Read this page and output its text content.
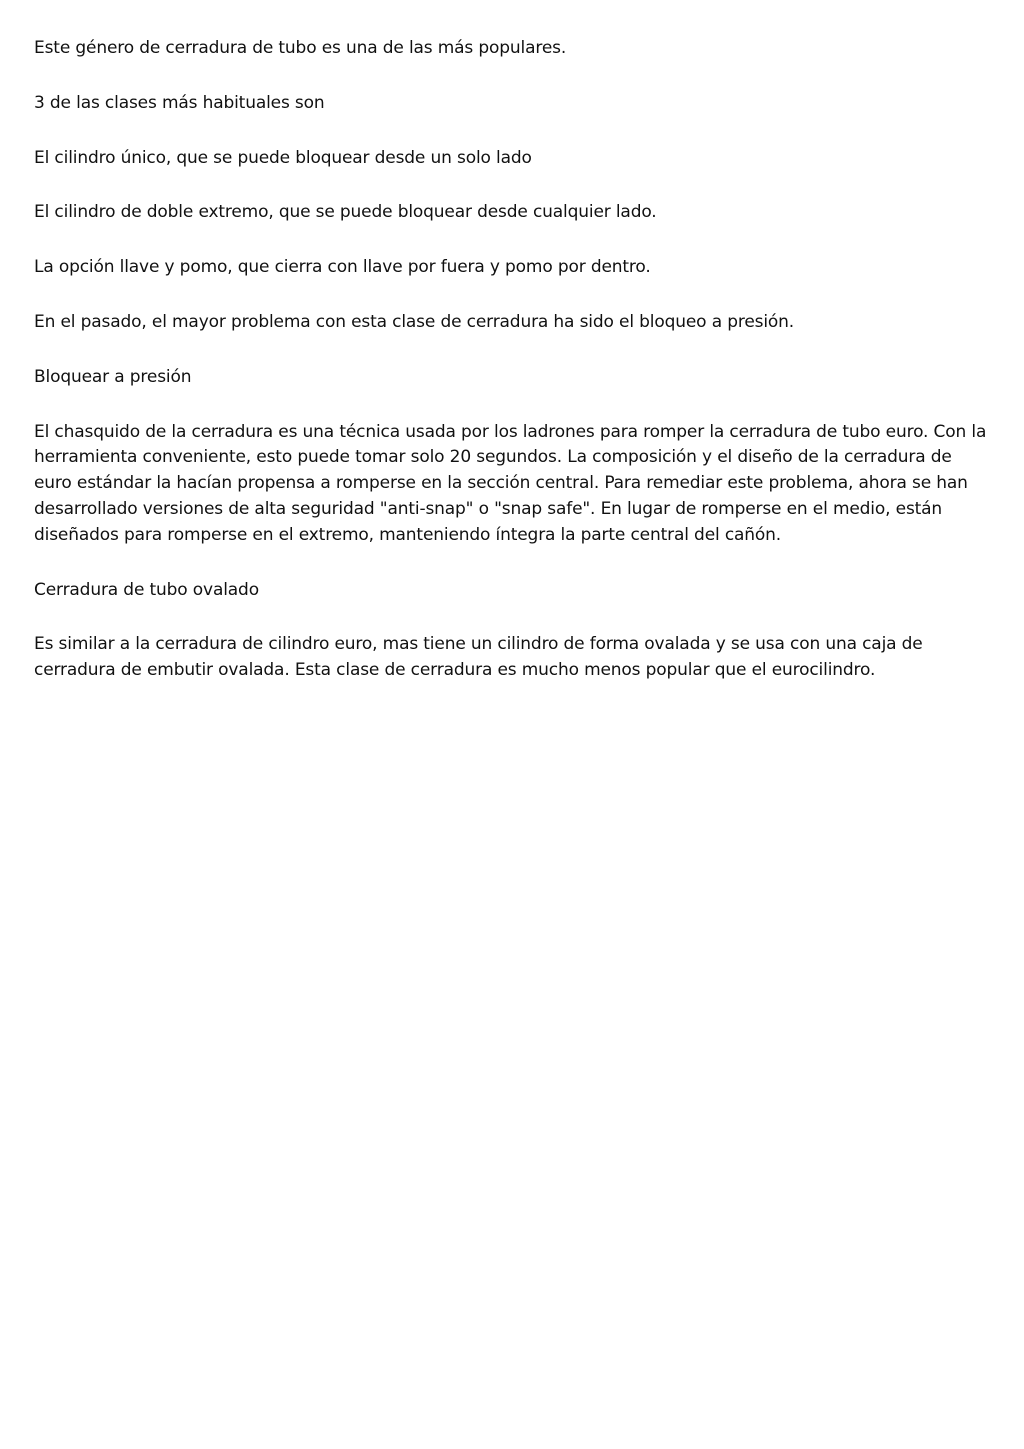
Este género de cerradura de tubo es una de las más populares.

3 de las clases más habituales son

El cilindro único, que se puede bloquear desde un solo lado

El cilindro de doble extremo, que se puede bloquear desde cualquier lado.

La opción llave y pomo, que cierra con llave por fuera y pomo por dentro.

En el pasado, el mayor problema con esta clase de cerradura ha sido el bloqueo a presión.

Bloquear a presión

El chasquido de la cerradura es una técnica usada por los ladrones para romper la cerradura de tubo euro. Con la herramienta conveniente, esto puede tomar solo 20 segundos. La composición y el diseño de la cerradura de euro estándar la hacían propensa a romperse en la sección central. Para remediar este problema, ahora se han desarrollado versiones de alta seguridad "anti-snap" o "snap safe". En lugar de romperse en el medio, están diseñados para romperse en el extremo, manteniendo íntegra la parte central del cañón.

Cerradura de tubo ovalado

Es similar a la cerradura de cilindro euro, mas tiene un cilindro de forma ovalada y se usa con una caja de cerradura de embutir ovalada. Esta clase de cerradura es mucho menos popular que el eurocilindro.
